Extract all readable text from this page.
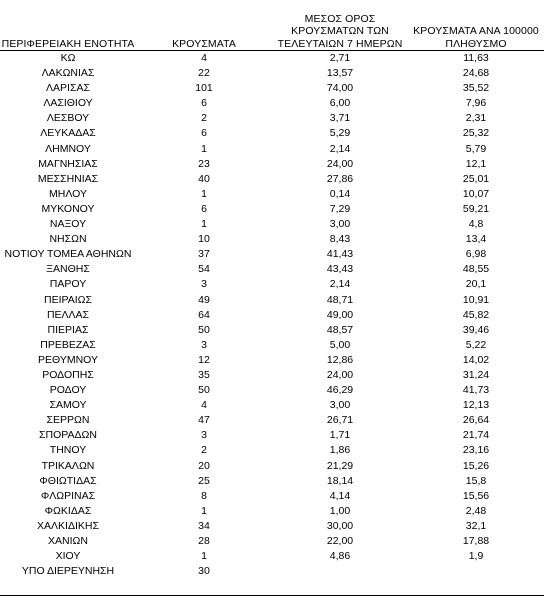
ΠΕΡΙΦΕΡΕΙΑΚΗ ΕΝΟΤΗΤΑ	ΚΡΟΥΣΜΑΤΑ	ΜΕΣΟΣ ΟΡΟΣ
ΚΡΟΥΣΜΑΤΩΝ ΤΩΝ
ΤΕΛΕΥΤΑΙΩΝ 7 ΗΜΕΡΩΝ	ΚΡΟΥΣΜΑΤΑ ΑΝΑ 100000
ΠΛΗΘΥΣΜΟ
ΚΩ	4	2,71	11,63
ΛΑΚΩΝΙΑΣ	22	13,57	24,68
ΛΑΡΙΣΑΣ	101	74,00	35,52
ΛΑΣΙΘΙΟΥ	6	6,00	7,96
ΛΕΣΒΟΥ	2	3,71	2,31
ΛΕΥΚΑΔΑΣ	6	5,29	25,32
ΛΗΜΝΟΥ	1	2,14	5,79
ΜΑΓΝΗΣΙΑΣ	23	24,00	12,1
ΜΕΣΣΗΝΙΑΣ	40	27,86	25,01
ΜΗΛΟΥ	1	0,14	10,07
ΜΥΚΟΝΟΥ	6	7,29	59,21
ΝΑΞΟΥ	1	3,00	4,8
ΝΗΣΩΝ	10	8,43	13,4
ΝΟΤΙΟΥ ΤΟΜΕΑ ΑΘΗΝΩΝ	37	41,43	6,98
ΞΑΝΘΗΣ	54	43,43	48,55
ΠΑΡΟΥ	3	2,14	20,1
ΠΕΙΡΑΙΩΣ	49	48,71	10,91
ΠΕΛΛΑΣ	64	49,00	45,82
ΠΙΕΡΙΑΣ	50	48,57	39,46
ΠΡΕΒΕΖΑΣ	3	5,00	5,22
ΡΕΘΥΜΝΟΥ	12	12,86	14,02
ΡΟΔΟΠΗΣ	35	24,00	31,24
ΡΟΔΟΥ	50	46,29	41,73
ΣΑΜΟΥ	4	3,00	12,13
ΣΕΡΡΩΝ	47	26,71	26,64
ΣΠΟΡΑΔΩΝ	3	1,71	21,74
ΤΗΝΟΥ	2	1,86	23,16
ΤΡΙΚΑΛΩΝ	20	21,29	15,26
ΦΘΙΩΤΙΔΑΣ	25	18,14	15,8
ΦΛΩΡΙΝΑΣ	8	4,14	15,56
ΦΩΚΙΔΑΣ	1	1,00	2,48
ΧΑΛΚΙΔΙΚΗΣ	34	30,00	32,1
ΧΑΝΙΩΝ	28	22,00	17,88
ΧΙΟΥ	1	4,86	1,9
ΥΠΟ ΔΙΕΡΕΥΝΗΣΗ	30		
